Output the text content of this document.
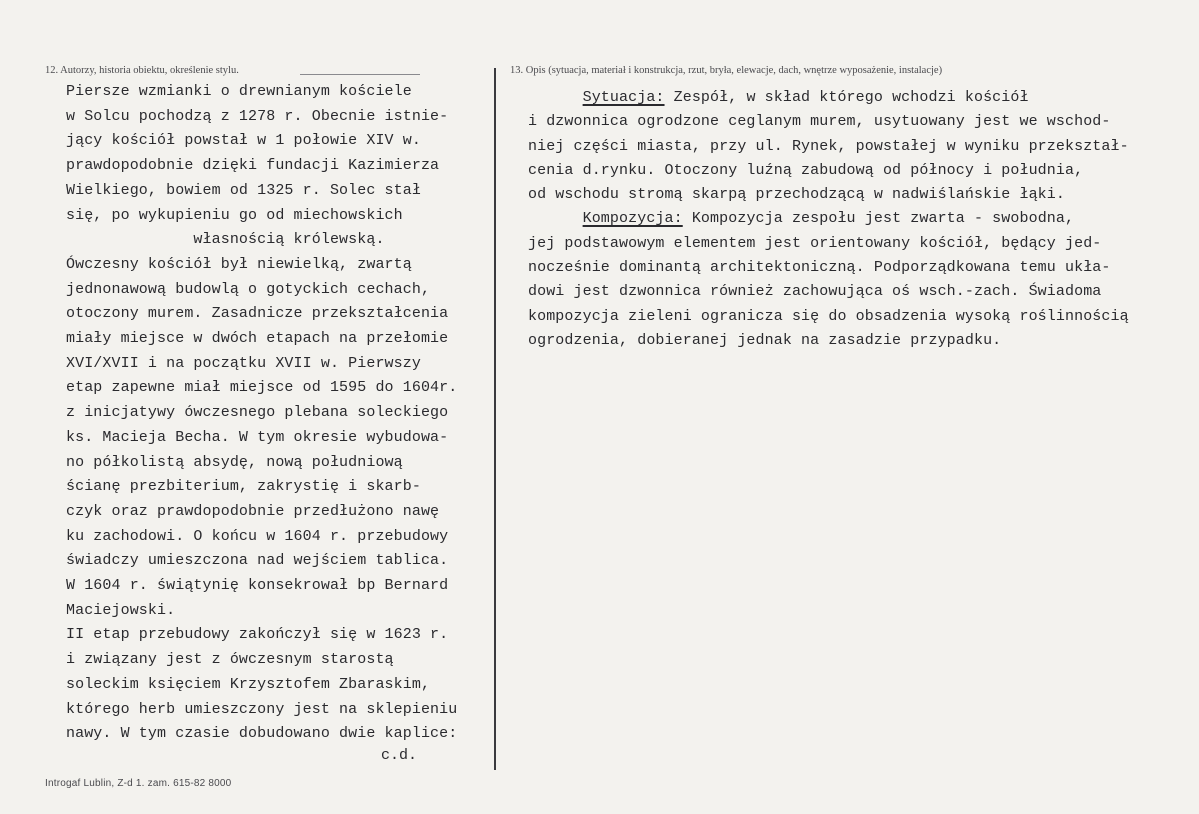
12. Autorzy, historia obiektu, określenie stylu.	13. Opis (sytuacja, materiał i konstrukcja, rzut, bryła, elewacje, dach, wnętrze wyposażenie, instalacje)
Piersze wzmianki o drewnianym kościele
w Solcu pochodzą z 1278 r. Obecnie istnie-
jący kościół powstał w 1 połowie XIV w.
prawdopodobnie dzięki fundacji Kazimierza
Wielkiego, bowiem od 1325 r. Solec stał
się, po wykupieniu go od miechowskich
własnością królewską.
Ówczesny kościół był niewielką, zwartą
jednonawową budowlą o gotyckich cechach,
otoczony murem. Zasadnicze przekształcenia
miały miejsce w dwóch etapach na przełomie
XVI/XVII i na początku XVII w. Pierwszy
etap zapewne miał miejsce od 1595 do 1604r.
z inicjatywy ówczesnego plebana soleckiego
ks. Macieja Becha. W tym okresie wybudowa-
no półkolistą absydę, nową południową
ścianę prezbiterium, zakrystię i skarb-
czyk oraz prawdopodobnie przedłużono nawę
ku zachodowi. O końcu w 1604 r. przebudowy
świadczy umieszczona nad wejściem tablica.
W 1604 r. świątynię konsekrował bp Bernard
Maciejowski.
II etap przebudowy zakończył się w 1623 r.
i związany jest z ówczesnym starostą
soleckim księciem Krzysztofem Zbaraskim,
którego herb umieszczony jest na sklepieniu
nawy. W tym czasie dobudowano dwie kaplice:
Sytuacja: Zespół, w skład którego wchodzi kościół
i dzwonnica ogrodzone ceglanym murem, usytuowany jest we wschod-
niej części miasta, przy ul. Rynek, powstałej w wyniku przekształ-
cenia d.rynku. Otoczony luźną zabudową od północy i południa,
od wschodu stromą skarpą przechodzącą w nadwiślańskie łąki.
Kompozycja: Kompozycja zespołu jest zwarta - swobodna,
jej podstawowym elementem jest orientowany kościół, będący jed-
nocześnie dominantą architektoniczną. Podporządkowana temu ukła-
dowi jest dzwonnica również zachowująca oś wsch.-zach. Świadoma
kompozycja zieleni ogranicza się do obsadzenia wysoką roślinnością
ogrodzenia, dobieranej jednak na zasadzie przypadku.
c.d.
Introgaf Lublin, Z-d 1. zam. 615-82 8000
